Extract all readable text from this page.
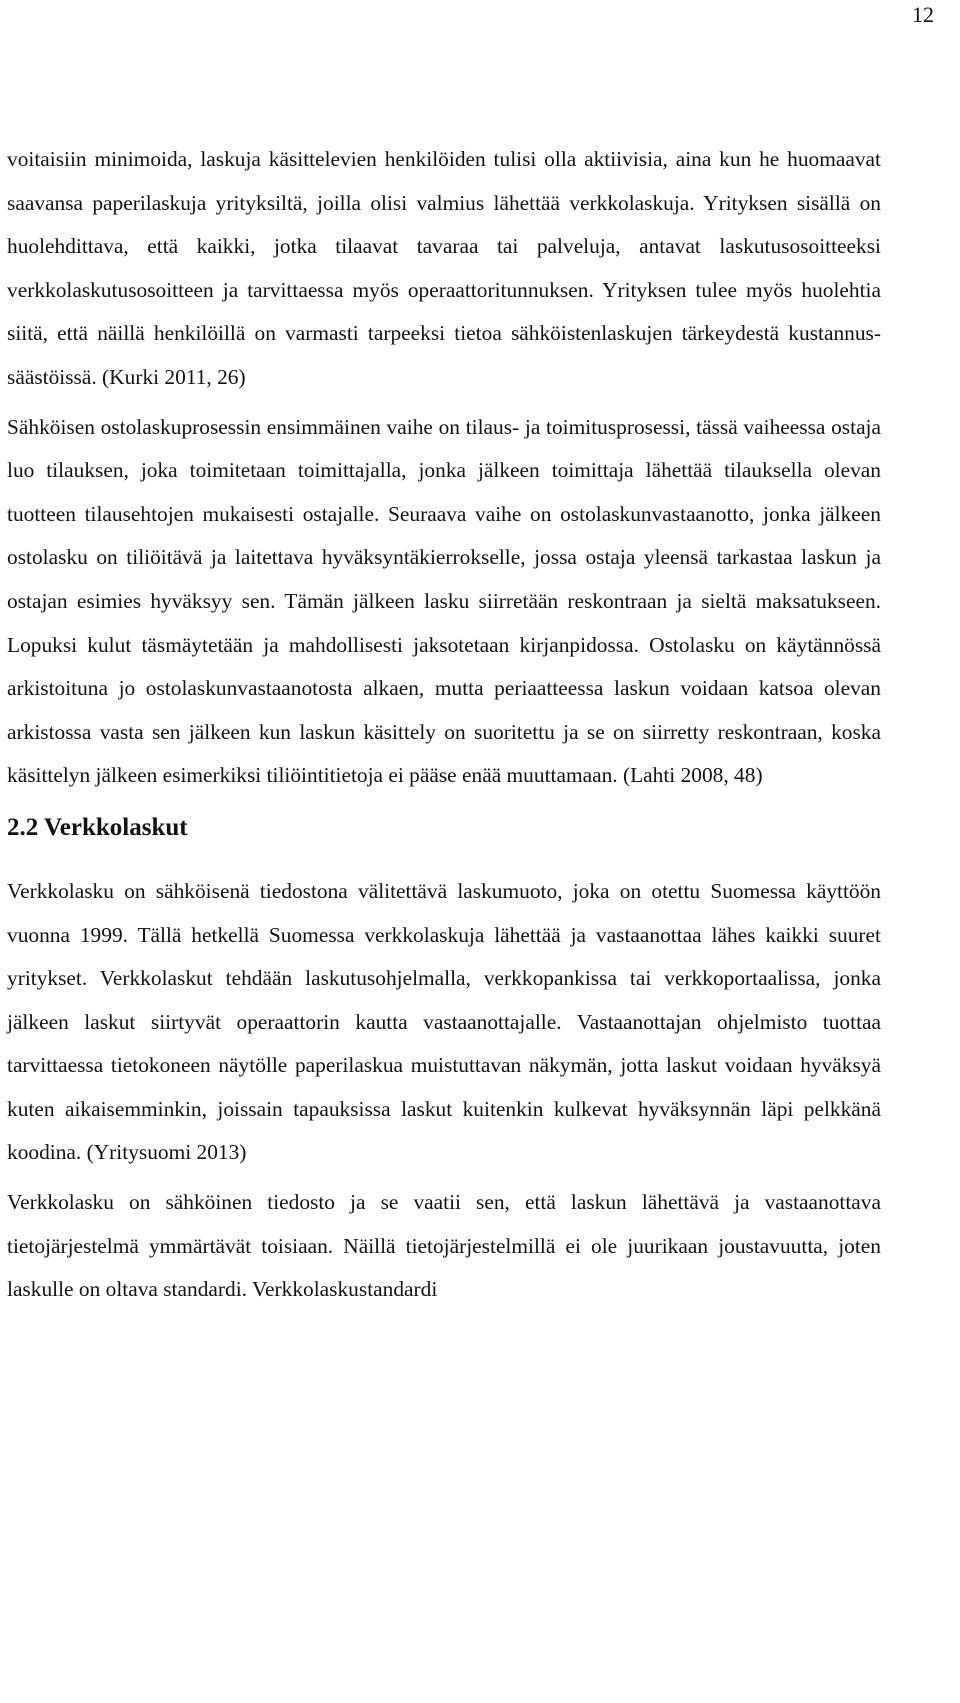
12

voitaisiin minimoida, laskuja käsittelevien henkilöiden tulisi olla aktiivisia, aina kun he huomaavat saavansa paperilaskuja yrityksiltä, joilla olisi valmius lähettää verkkolaskuja. Yrityksen sisällä on huolehdittava, että kaikki, jotka tilaavat tavaraa tai palveluja, antavat laskutusosoitteeksi verkkolaskutusosoitteen ja tarvittaessa myös operaattoritunnuksen. Yrityksen tulee myös huolehtia siitä, että näillä henkilöillä on varmasti tarpeeksi tietoa sähköistenlaskujen tärkeydestä kustannussäästöissä. (Kurki 2011, 26)

Sähköisen ostolaskuprosessin ensimmäinen vaihe on tilaus- ja toimitusprosessi, tässä vaiheessa ostaja luo tilauksen, joka toimitetaan toimittajalla, jonka jälkeen toimittaja lähettää tilauksella olevan tuotteen tilausehtojen mukaisesti ostajalle. Seuraava vaihe on ostolaskunvastaanotto, jonka jälkeen ostolasku on tiliöitävä ja laitettava hyväksyntäkierrokselle, jossa ostaja yleensä tarkastaa laskun ja ostajan esimies hyväksyy sen. Tämän jälkeen lasku siirretään reskontraan ja sieltä maksatukseen. Lopuksi kulut täsmäytetään ja mahdollisesti jaksotetaan kirjanpidossa. Ostolasku on käytännössä arkistoituna jo ostolaskunvastaanotosta alkaen, mutta periaatteessa laskun voidaan katsoa olevan arkistossa vasta sen jälkeen kun laskun käsittely on suoritettu ja se on siirretty reskontraan, koska käsittelyn jälkeen esimerkiksi tiliöintitietoja ei pääse enää muuttamaan. (Lahti 2008, 48)

2.2 Verkkolaskut

Verkkolasku on sähköisenä tiedostona välitettävä laskumuoto, joka on otettu Suomessa käyttöön vuonna 1999. Tällä hetkellä Suomessa verkkolaskuja lähettää ja vastaanottaa lähes kaikki suuret yritykset. Verkkolaskut tehdään laskutusohjelmalla, verkkopankissa tai verkkoportaalissa, jonka jälkeen laskut siirtyvät operaattorin kautta vastaanottajalle. Vastaanottajan ohjelmisto tuottaa tarvittaessa tietokoneen näytölle paperilaskua muistuttavan näkymän, jotta laskut voidaan hyväksyä kuten aikaisemminkin, joissain tapauksissa laskut kuitenkin kulkevat hyväksynnän läpi pelkkänä koodina. (Yritysuomi 2013)

Verkkolasku on sähköinen tiedosto ja se vaatii sen, että laskun lähettävä ja vastaanottava tietojärjestelmä ymmärtävät toisiaan. Näillä tietojärjestelmillä ei ole juurikaan joustavuutta, joten laskulle on oltava standardi. Verkkolaskustandardi
